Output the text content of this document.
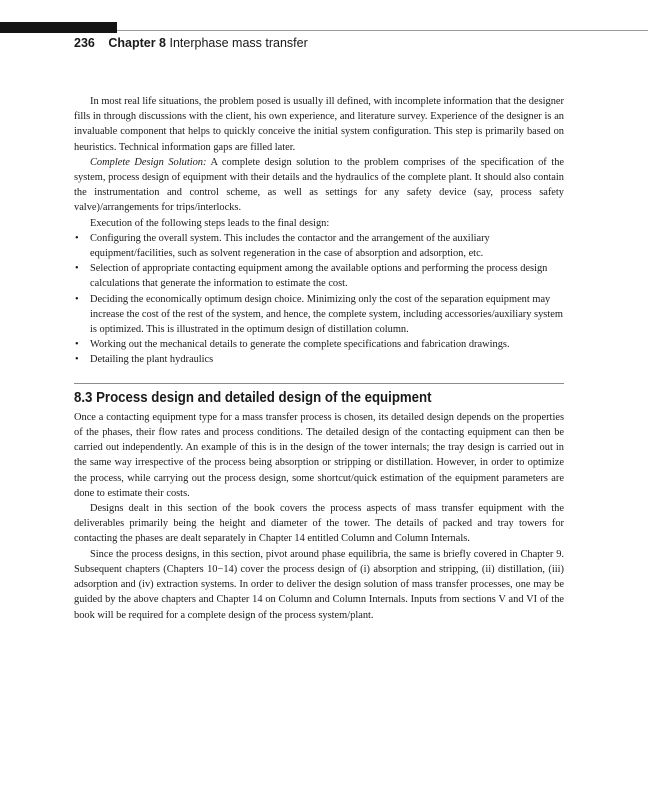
236 Chapter 8 Interphase mass transfer

In most real life situations, the problem posed is usually ill defined, with incomplete information that the designer fills in through discussions with the client, his own experience, and literature survey. Experience of the designer is an invaluable component that helps to quickly conceive the initial system configuration. This step is primarily based on heuristics. Technical information gaps are filled later.

Complete Design Solution: A complete design solution to the problem comprises of the specification of the system, process design of equipment with their details and the hydraulics of the complete plant. It should also contain the instrumentation and control scheme, as well as settings for any safety device (say, process safety valve)/arrangements for trips/interlocks.

Execution of the following steps leads to the final design:

• Configuring the overall system. This includes the contactor and the arrangement of the auxiliary equipment/facilities, such as solvent regeneration in the case of absorption and adsorption, etc.
• Selection of appropriate contacting equipment among the available options and performing the process design calculations that generate the information to estimate the cost.
• Deciding the economically optimum design choice. Minimizing only the cost of the separation equipment may increase the cost of the rest of the system, and hence, the complete system, including accessories/auxiliary system is optimized. This is illustrated in the optimum design of distillation column.
• Working out the mechanical details to generate the complete specifications and fabrication drawings.
• Detailing the plant hydraulics
8.3 Process design and detailed design of the equipment

Once a contacting equipment type for a mass transfer process is chosen, its detailed design depends on the properties of the phases, their flow rates and process conditions. The detailed design of the contacting equipment can then be carried out independently. An example of this is in the design of the tower internals; the tray design is carried out in the same way irrespective of the process being absorption or stripping or distillation. However, in order to optimize the process, while carrying out the process design, some shortcut/quick estimation of the equipment parameters are done to estimate their costs.

Designs dealt in this section of the book covers the process aspects of mass transfer equipment with the deliverables primarily being the height and diameter of the tower. The details of packed and tray towers for contacting the phases are dealt separately in Chapter 14 entitled Column and Column Internals.

Since the process designs, in this section, pivot around phase equilibria, the same is briefly covered in Chapter 9. Subsequent chapters (Chapters 10−14) cover the process design of (i) absorption and stripping, (ii) distillation, (iii) adsorption and (iv) extraction systems. In order to deliver the design solution of mass transfer processes, one may be guided by the above chapters and Chapter 14 on Column and Column Internals. Inputs from sections V and VI of the book will be required for a complete design of the process system/plant.
